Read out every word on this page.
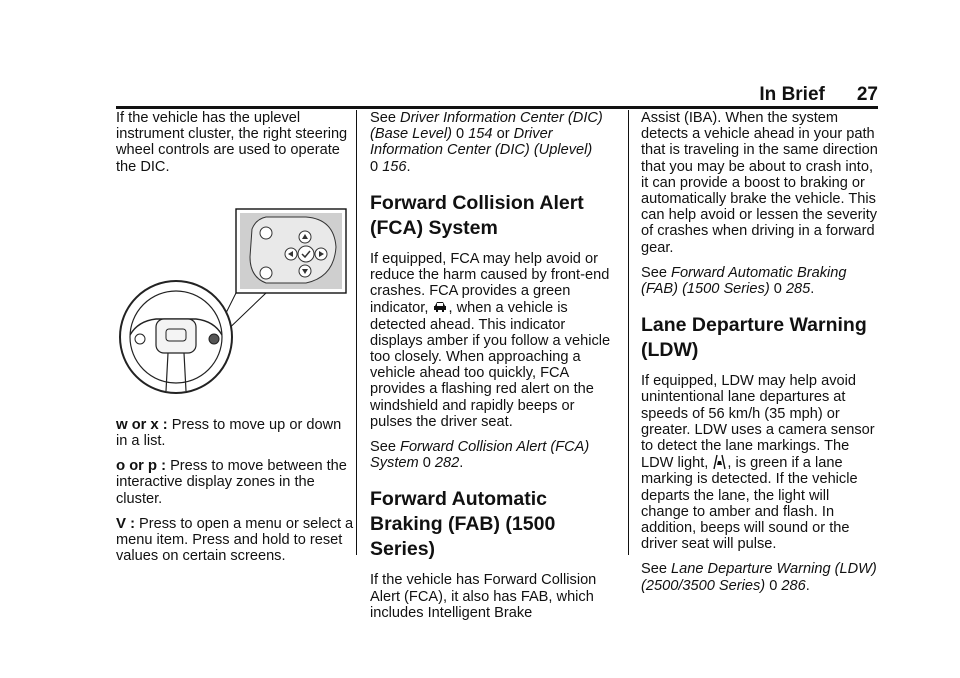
In Brief 27

If the vehicle has the uplevel instrument cluster, the right steering wheel controls are used to operate the DIC.

w or x : Press to move up or down in a list.

o or p : Press to move between the interactive display zones in the cluster.

V : Press to open a menu or select a menu item. Press and hold to reset values on certain screens.

See Driver Information Center (DIC) (Base Level) 0 154 or Driver Information Center (DIC) (Uplevel)
0 156.

Forward Collision Alert (FCA) System

If equipped, FCA may help avoid or reduce the harm caused by front-end crashes. FCA provides a green indicator, , when a vehicle is detected ahead. This indicator displays amber if you follow a vehicle too closely. When approaching a vehicle ahead too quickly, FCA provides a flashing red alert on the windshield and rapidly beeps or pulses the driver seat.

See Forward Collision Alert (FCA) System 0 282.

Forward Automatic Braking (FAB) (1500 Series)

If the vehicle has Forward Collision Alert (FCA), it also has FAB, which includes Intelligent Brake

Assist (IBA). When the system detects a vehicle ahead in your path that is traveling in the same direction that you may be about to crash into, it can provide a boost to braking or automatically brake the vehicle. This can help avoid or lessen the severity of crashes when driving in a forward gear.

See Forward Automatic Braking (FAB) (1500 Series) 0 285.

Lane Departure Warning (LDW)

If equipped, LDW may help avoid unintentional lane departures at speeds of 56 km/h (35 mph) or greater. LDW uses a camera sensor to detect the lane markings. The LDW light, , is green if a lane marking is detected. If the vehicle departs the lane, the light will change to amber and flash. In addition, beeps will sound or the driver seat will pulse.

See Lane Departure Warning (LDW) (2500/3500 Series) 0 286.
